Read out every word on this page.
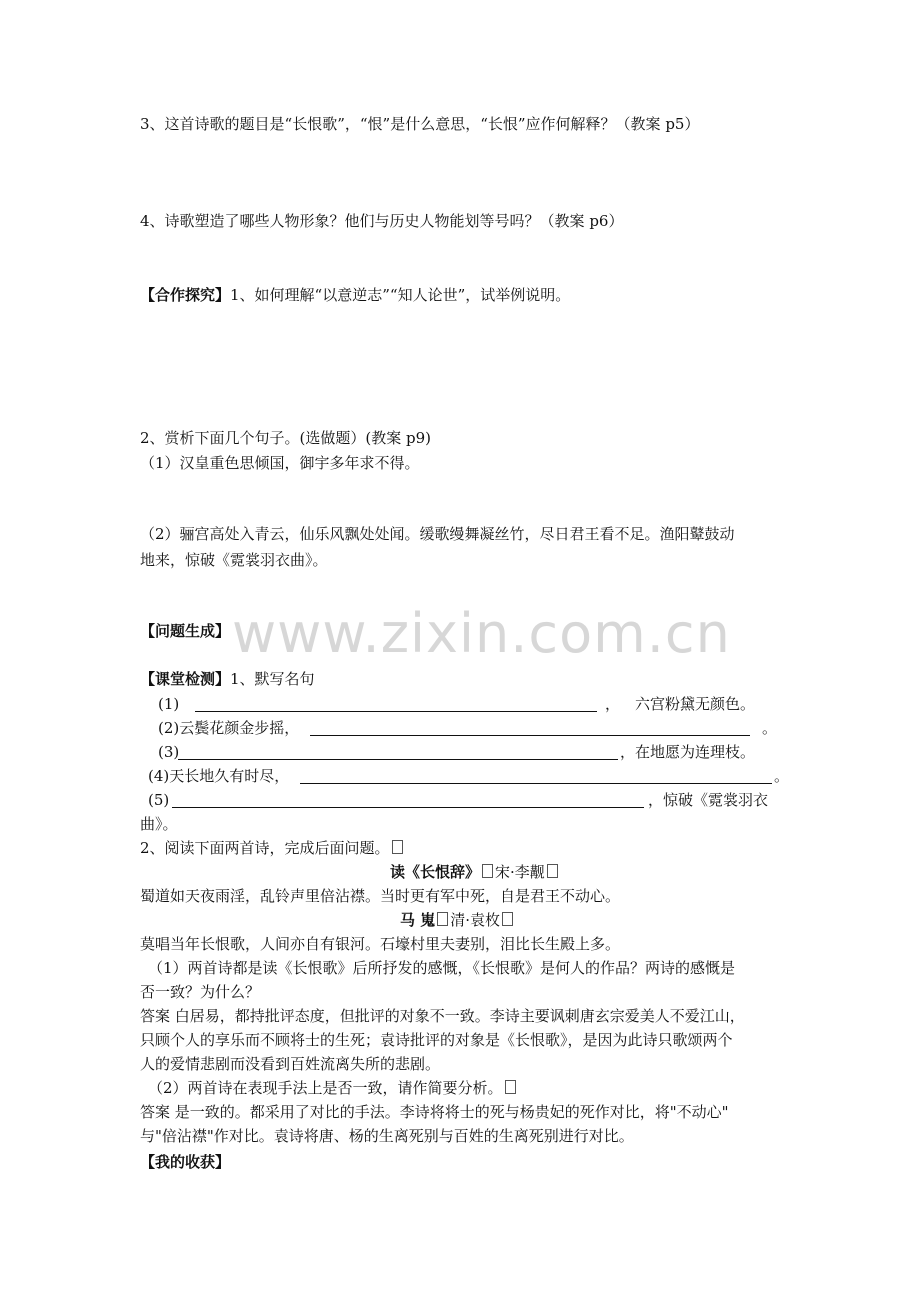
www.zixin.com.cn
3、这首诗歌的题目是“长恨歌”，“恨”是什么意思，“长恨”应作何解释？（教案 p5）
4、诗歌塑造了哪些人物形象？他们与历史人物能划等号吗？（教案 p6）
【合作探究】1、如何理解“以意逆志”“知人论世”，试举例说明。
2、赏析下面几个句子。(选做题）(教案 p9)
（1）汉皇重色思倾国，御宇多年求不得。
（2）骊宫高处入青云，仙乐风飘处处闻。缓歌缦舞凝丝竹，尽日君王看不足。渔阳鼙鼓动
地来，惊破《霓裳羽衣曲》。
【问题生成】
【课堂检测】1、默写名句
(1)	， 六宫粉黛无颜色。
(2)云鬓花颜金步摇，	。
(3)	，在地愿为连理枝。
(4)天长地久有时尽，	。
(5)	，惊破《霓裳羽衣
曲》。
2、阅读下面两首诗，完成后面问题。
读《长恨辞》 宋·李觏
蜀道如天夜雨淫，乱铃声里倍沾襟。当时更有军中死，自是君王不动心。
马 嵬 清·袁枚
莫唱当年长恨歌，人间亦自有银河。石壕村里夫妻别，泪比长生殿上多。
（1）两首诗都是读《长恨歌》后所抒发的感慨，《长恨歌》是何人的作品？两诗的感慨是
否一致？为什么？
答案 白居易，都持批评态度，但批评的对象不一致。李诗主要讽刺唐玄宗爱美人不爱江山，
只顾个人的享乐而不顾将士的生死；袁诗批评的对象是《长恨歌》，是因为此诗只歌颂两个
人的爱情悲剧而没看到百姓流离失所的悲剧。
（2）两首诗在表现手法上是否一致，请作简要分析。
答案 是一致的。都采用了对比的手法。李诗将将士的死与杨贵妃的死作对比，将"不动心"
与"倍沾襟"作对比。袁诗将唐、杨的生离死别与百姓的生离死别进行对比。
【我的收获】
